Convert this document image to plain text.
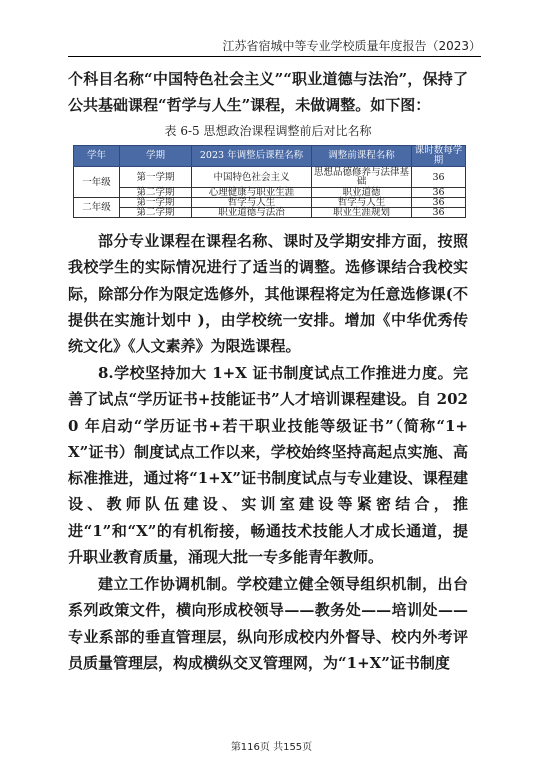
江苏省宿城中等专业学校质量年度报告（2023）

个科目名称“中国特色社会主义”“职业道德与法治”，保持了公共基础课程“哲学与人生”课程，未做调整。如下图：

表 6-5 思想政治课程调整前后对比名称
学年	学期	2023 年调整后课程名称	调整前课程名称	课时数每学期
一年级	第一学期	中国特色社会主义	思想品德修养与法律基础	36
	第二学期	心理健康与职业生涯	职业道德	36
二年级	第一学期	哲学与人生	哲学与人生	36
	第二学期	职业道德与法治	职业生涯规划	36

部分专业课程在课程名称、课时及学期安排方面，按照我校学生的实际情况进行了适当的调整。选修课结合我校实际，除部分作为限定选修外，其他课程将定为任意选修课(不提供在实施计划中 )，由学校统一安排。增加《中华优秀传统文化》《人文素养》为限选课程。

8.学校坚持加大 1+X 证书制度试点工作推进力度。完善了试点“学历证书+技能证书”人才培训课程建设。自 2020 年启动“学历证书+若干职业技能等级证书”（简称“1+X”证书）制度试点工作以来，学校始终坚持高起点实施、高标准推进，通过将“1+X”证书制度试点与专业建设、课程建设、教师队伍建设、实训室建设等紧密结合，推进“1”和“X”的有机衔接，畅通技术技能人才成长通道，提升职业教育质量，涌现大批一专多能青年教师。

建立工作协调机制。学校建立健全领导组织机制，出台系列政策文件，横向形成校领导——教务处——培训处——专业系部的垂直管理层，纵向形成校内外督导、校内外考评员质量管理层，构成横纵交叉管理网，为“1+X”证书制度

第116页 共155页
